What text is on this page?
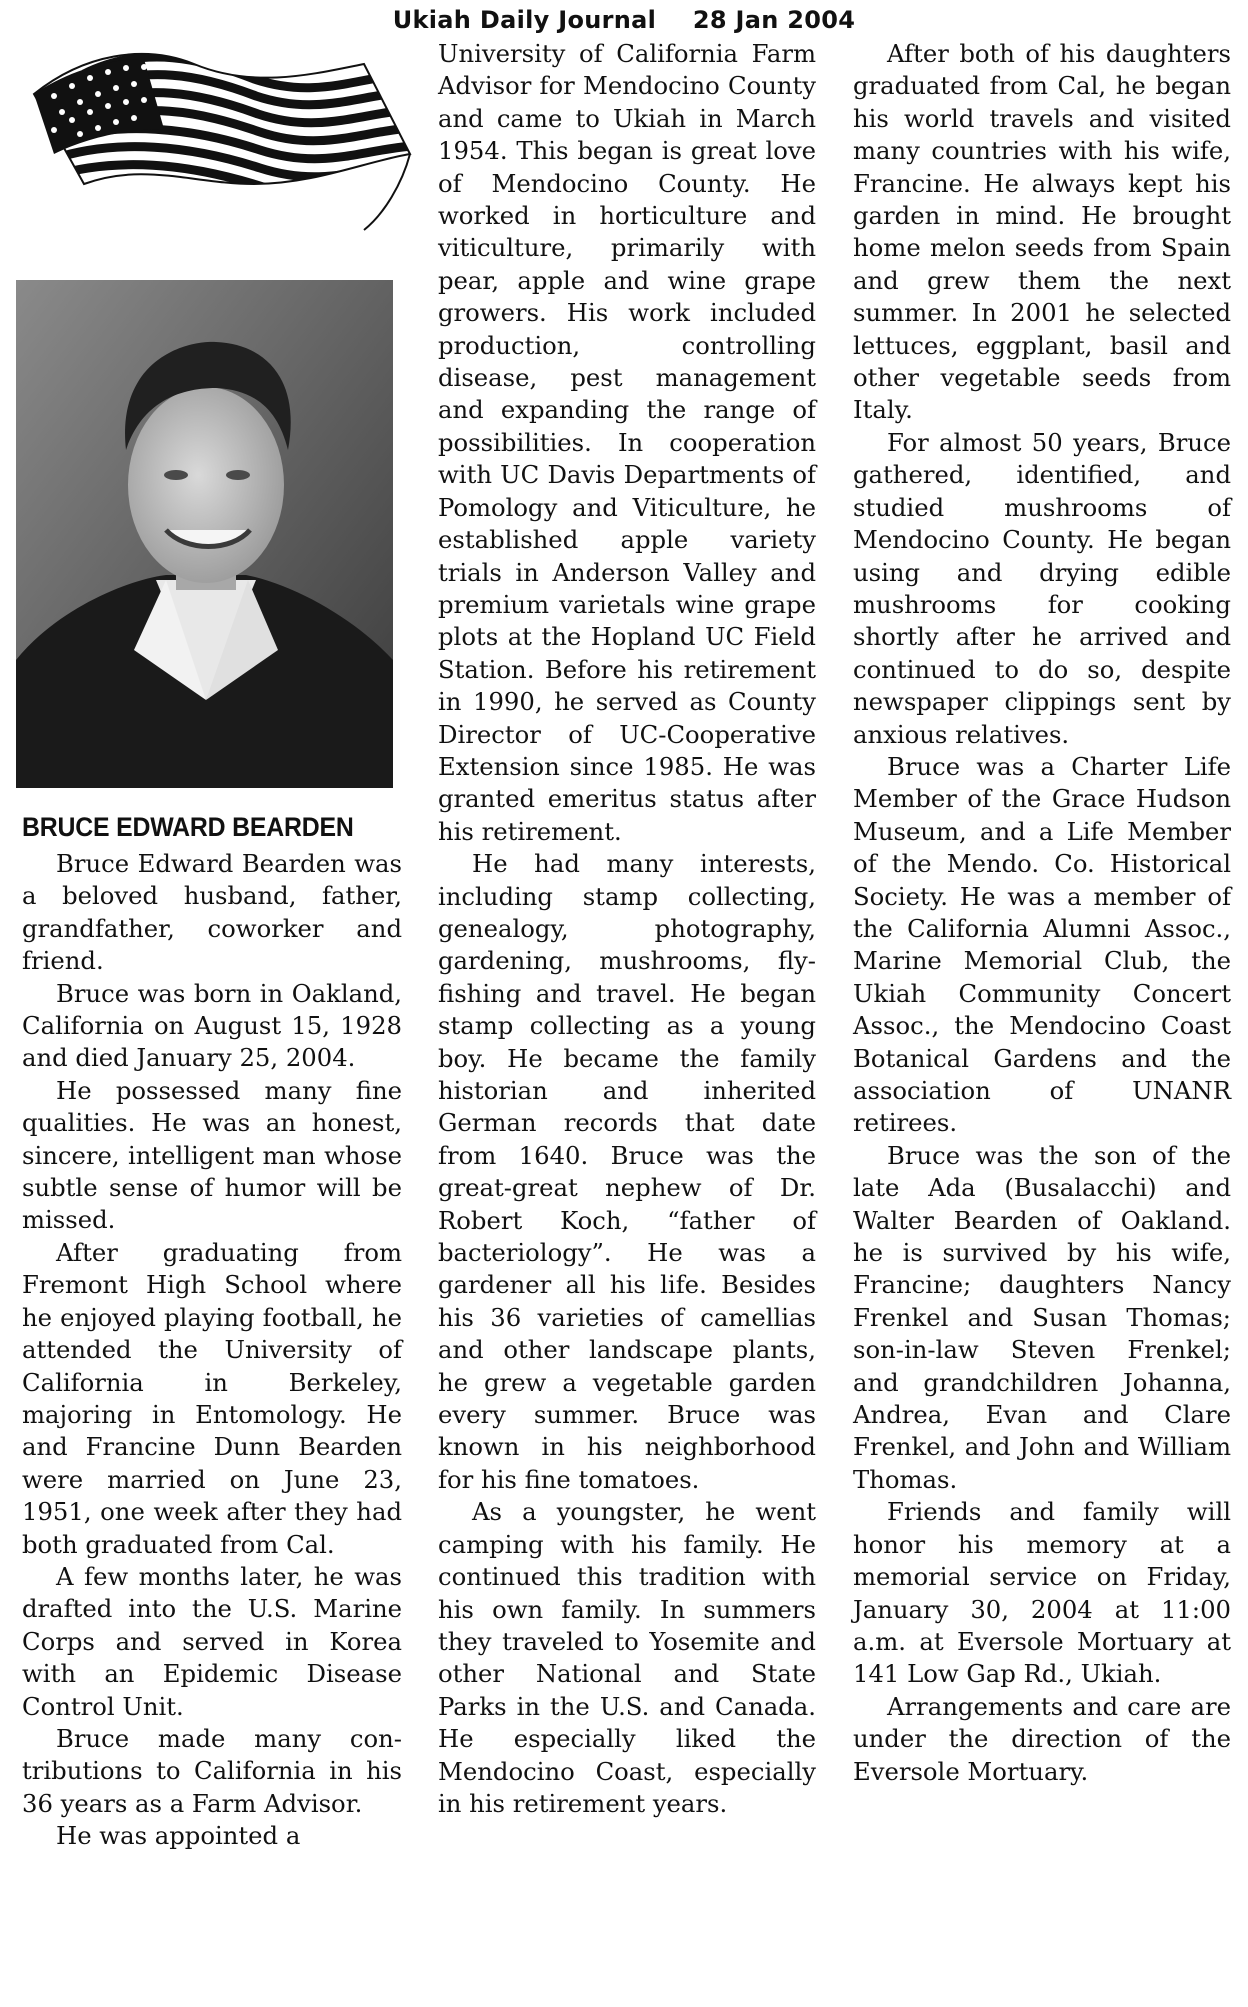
Ukiah Daily Journal 28 Jan 2004
BRUCE EDWARD BEARDEN

Bruce Edward Bearden was a beloved husband, father, grandfather, coworker and friend.

Bruce was born in Oakland, California on August 15, 1928 and died January 25, 2004.

He possessed many fine qualities. He was an honest, sincere, intelligent man whose subtle sense of humor will be missed.

After graduating from Fremont High School where he enjoyed playing football, he attended the University of California in Berkeley, majoring in Entomology. He and Francine Dunn Bearden were married on June 23, 1951, one week after they had both graduated from Cal.

A few months later, he was drafted into the U.S. Marine Corps and served in Korea with an Epidemic Disease Control Unit.

Bruce made many contributions to California in his 36 years as a Farm Advisor.

He was appointed a

University of California Farm Advisor for Mendocino County and came to Ukiah in March 1954. This began is great love of Mendocino County. He worked in horticulture and viticulture, primarily with pear, apple and wine grape growers. His work included production, controlling disease, pest management and expanding the range of possibilities. In cooperation with UC Davis Departments of Pomology and Viticulture, he established apple variety trials in Anderson Valley and premium varietals wine grape plots at the Hopland UC Field Station. Before his retirement in 1990, he served as County Director of UC-Cooperative Extension since 1985. He was granted emeritus status after his retirement.

He had many interests, including stamp collecting, genealogy, photography, gardening, mushrooms, flyfishing and travel. He began stamp collecting as a young boy. He became the family historian and inherited German records that date from 1640. Bruce was the great-great nephew of Dr. Robert Koch, “father of bacteriology”. He was a gardener all his life. Besides his 36 varieties of camellias and other landscape plants, he grew a vegetable garden every summer. Bruce was known in his neighborhood for his fine tomatoes.

As a youngster, he went camping with his family. He continued this tradition with his own family. In summers they traveled to Yosemite and other National and State Parks in the U.S. and Canada. He especially liked the Mendocino Coast, especially in his retirement years.

After both of his daughters graduated from Cal, he began his world travels and visited many countries with his wife, Francine. He always kept his garden in mind. He brought home melon seeds from Spain and grew them the next summer. In 2001 he selected lettuces, eggplant, basil and other vegetable seeds from Italy.

For almost 50 years, Bruce gathered, identified, and studied mushrooms of Mendocino County. He began using and drying edible mushrooms for cooking shortly after he arrived and continued to do so, despite newspaper clippings sent by anxious relatives.

Bruce was a Charter Life Member of the Grace Hudson Museum, and a Life Member of the Mendo. Co. Historical Society. He was a member of the California Alumni Assoc., Marine Memorial Club, the Ukiah Community Concert Assoc., the Mendocino Coast Botanical Gardens and the association of UNANR retirees.

Bruce was the son of the late Ada (Busalacchi) and Walter Bearden of Oakland. he is survived by his wife, Francine; daughters Nancy Frenkel and Susan Thomas; son-in-law Steven Frenkel; and grandchildren Johanna, Andrea, Evan and Clare Frenkel, and John and William Thomas.

Friends and family will honor his memory at a memorial service on Friday, January 30, 2004 at 11:00 a.m. at Eversole Mortuary at 141 Low Gap Rd., Ukiah.

Arrangements and care are under the direction of the Eversole Mortuary.
